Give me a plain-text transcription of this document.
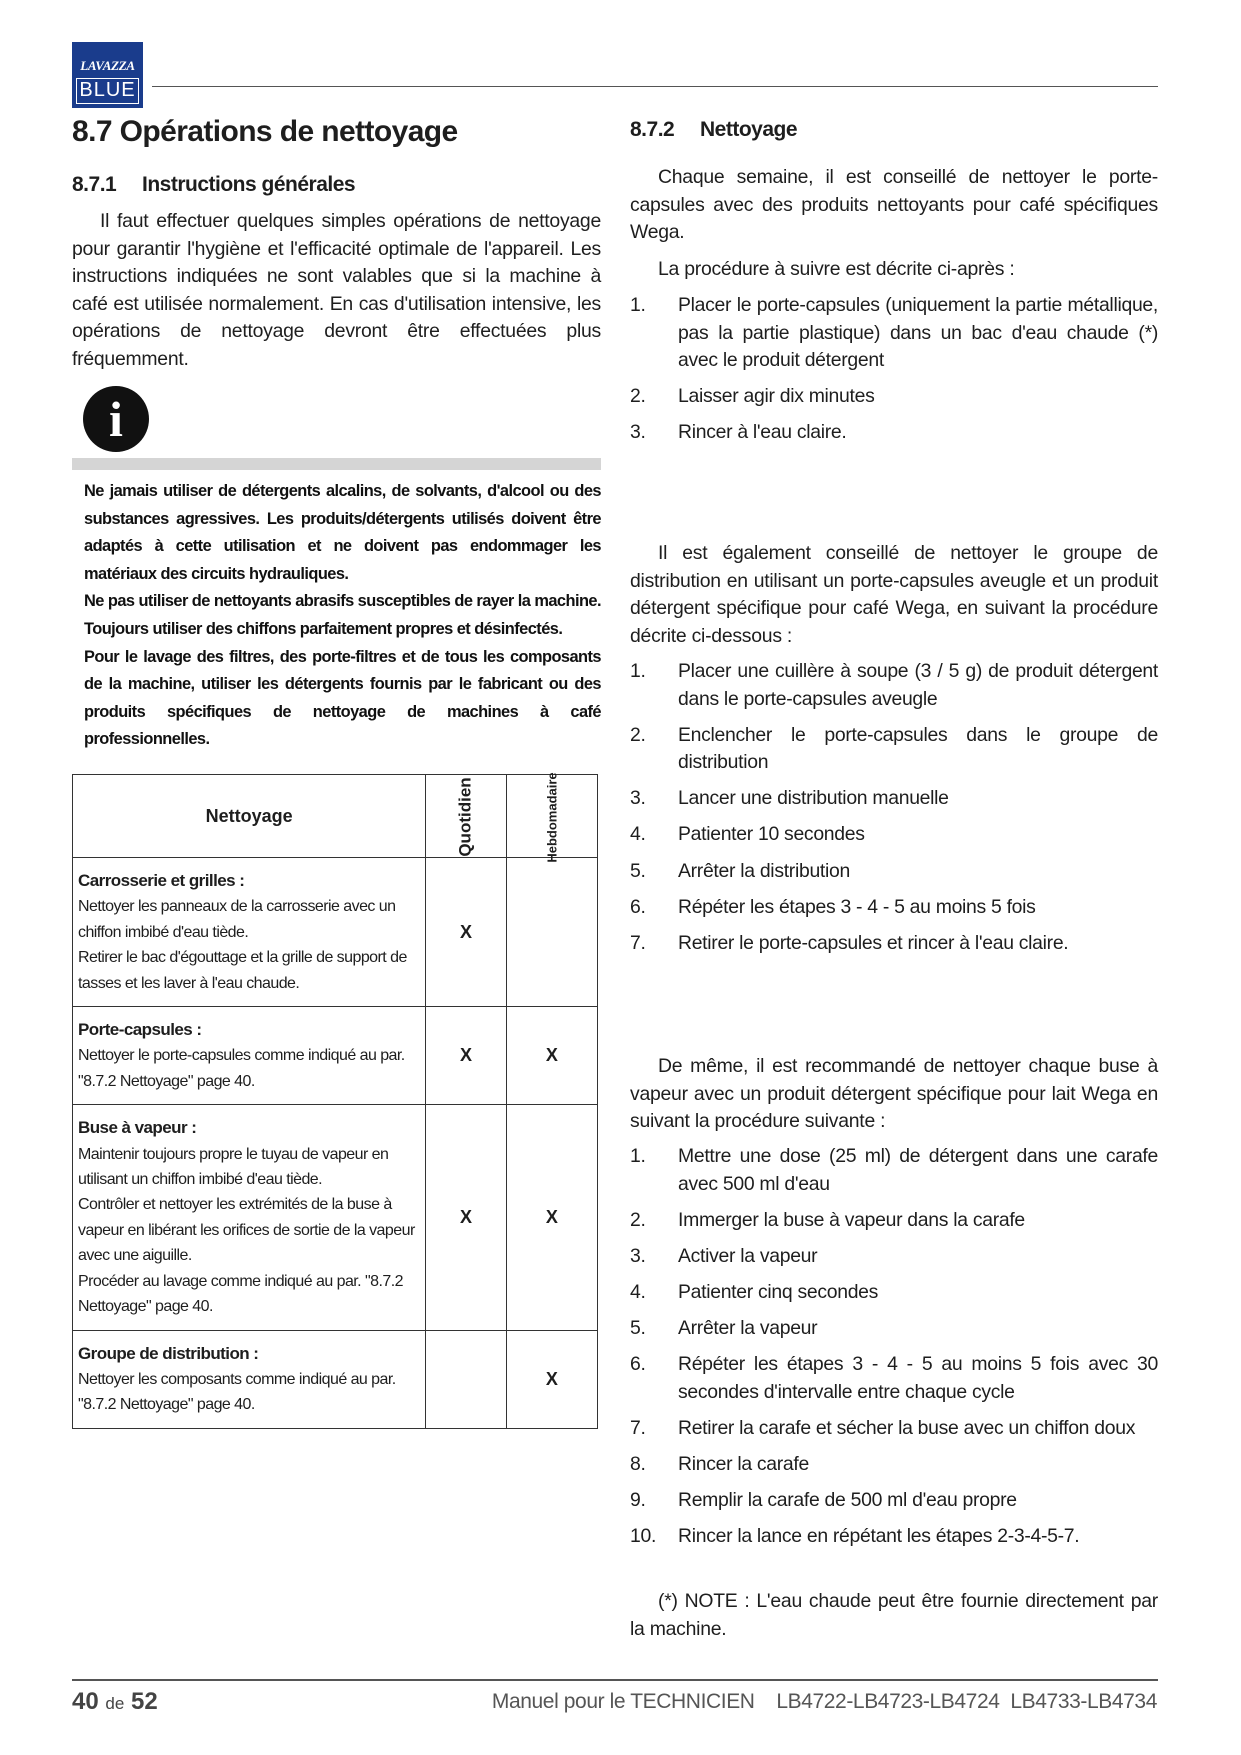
LAVAZZA
BLUE
8.7 Opérations de nettoyage
8.7.1 Instructions générales
Il faut effectuer quelques simples opérations de nettoyage pour garantir l'hygiène et l'efficacité optimale de l'appareil. Les instructions indiquées ne sont valables que si la machine à café est utilisée normalement. En cas d'utilisation intensive, les opérations de nettoyage devront être effectuées plus fréquemment.
i

Ne jamais utiliser de détergents alcalins, de solvants, d'alcool ou des substances agressives. Les produits/détergents utilisés doivent être adaptés à cette utilisation et ne doivent pas endommager les matériaux des circuits hydrauliques.

Ne pas utiliser de nettoyants abrasifs susceptibles de rayer la machine.

Toujours utiliser des chiffons parfaitement propres et désinfectés.

Pour le lavage des filtres, des porte-filtres et de tous les composants de la machine, utiliser les détergents fournis par le fabricant ou des produits spécifiques de nettoyage de machines à café professionnelles.

Nettoyage	Quotidien	Hebdomadaire
Carrosserie et grilles :
Nettoyer les panneaux de la carrosserie avec un chiffon imbibé d'eau tiède.
Retirer le bac d'égouttage et la grille de support de tasses et les laver à l'eau chaude.	X	
Porte-capsules :
Nettoyer le porte-capsules comme indiqué au par. "8.7.2 Nettoyage" page 40.	X	X
Buse à vapeur :
Maintenir toujours propre le tuyau de vapeur en utilisant un chiffon imbibé d'eau tiède.
Contrôler et nettoyer les extrémités de la buse à vapeur en libérant les orifices de sortie de la vapeur avec une aiguille.
Procéder au lavage comme indiqué au par. "8.7.2 Nettoyage" page 40.	X	X
Groupe de distribution :
Nettoyer les composants comme indiqué au par. "8.7.2 Nettoyage" page 40.		X
8.7.2 Nettoyage
Chaque semaine, il est conseillé de nettoyer le porte-capsules avec des produits nettoyants pour café spécifiques Wega.
La procédure à suivre est décrite ci-après :
1. Placer le porte-capsules (uniquement la partie métallique, pas la partie plastique) dans un bac d'eau chaude (*) avec le produit détergent
2. Laisser agir dix minutes
3. Rincer à l'eau claire.
Il est également conseillé de nettoyer le groupe de distribution en utilisant un porte-capsules aveugle et un produit détergent spécifique pour café Wega, en suivant la procédure décrite ci-dessous :
1. Placer une cuillère à soupe (3 / 5 g) de produit détergent dans le porte-capsules aveugle
2. Enclencher le porte-capsules dans le groupe de distribution
3. Lancer une distribution manuelle
4. Patienter 10 secondes
5. Arrêter la distribution
6. Répéter les étapes 3 - 4 - 5 au moins 5 fois
7. Retirer le porte-capsules et rincer à l'eau claire.
De même, il est recommandé de nettoyer chaque buse à vapeur avec un produit détergent spécifique pour lait Wega en suivant la procédure suivante :
1. Mettre une dose (25 ml) de détergent dans une carafe avec 500 ml d'eau
2. Immerger la buse à vapeur dans la carafe
3. Activer la vapeur
4. Patienter cinq secondes
5. Arrêter la vapeur
6. Répéter les étapes 3 - 4 - 5 au moins 5 fois avec 30 secondes d'intervalle entre chaque cycle
7. Retirer la carafe et sécher la buse avec un chiffon doux
8. Rincer la carafe
9. Remplir la carafe de 500 ml d'eau propre
10. Rincer la lance en répétant les étapes 2-3-4-5-7.
(*) NOTE : L'eau chaude peut être fournie directement par la machine.
40 de 52	Manuel pour le TECHNICIEN LB4722-LB4723-LB4724  LB4733-LB4734
